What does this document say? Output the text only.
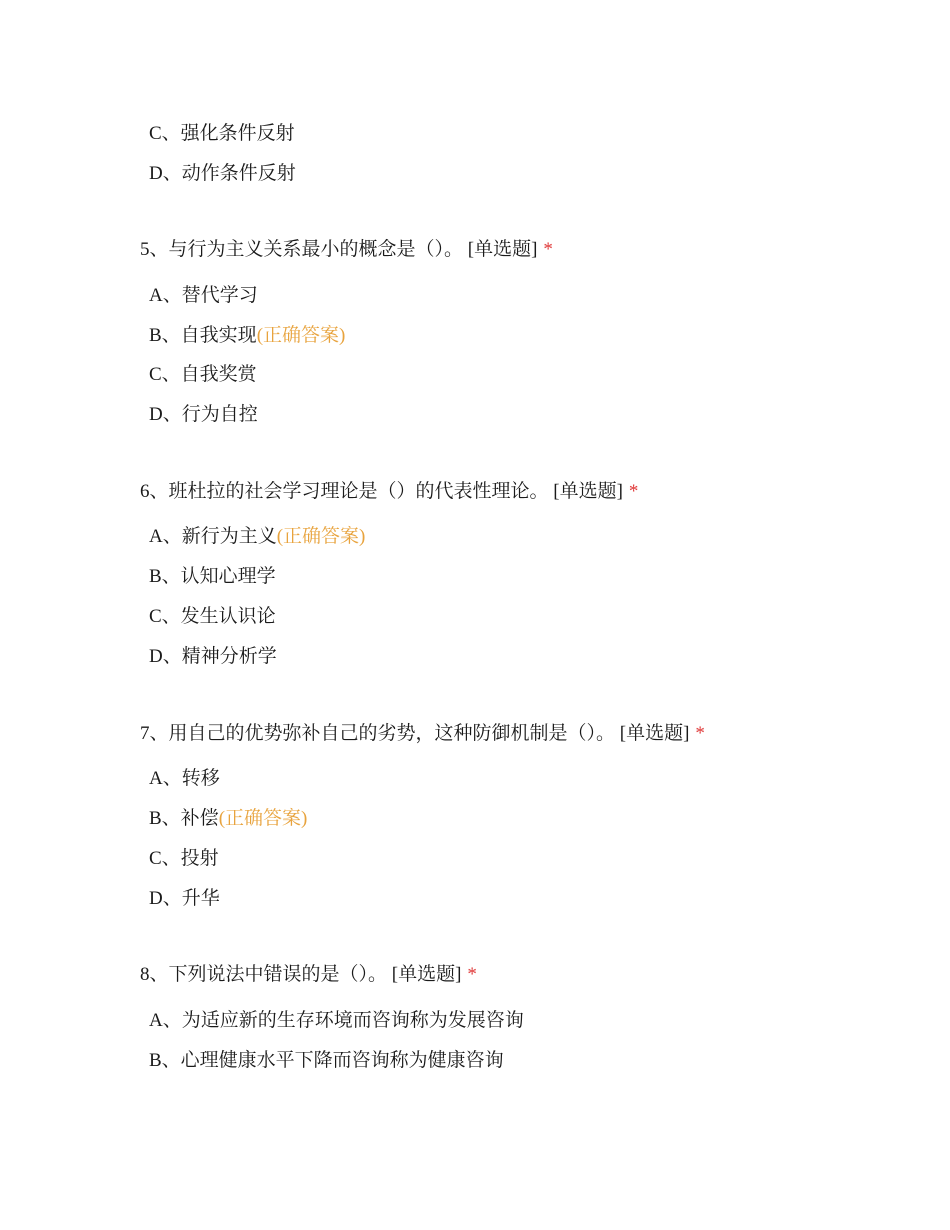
C、强化条件反射
D、动作条件反射
5、与行为主义关系最小的概念是（）。 [单选题] *
A、替代学习
B、自我实现(正确答案)
C、自我奖赏
D、行为自控
6、班杜拉的社会学习理论是（）的代表性理论。 [单选题] *
A、新行为主义(正确答案)
B、认知心理学
C、发生认识论
D、精神分析学
7、用自己的优势弥补自己的劣势，这种防御机制是（）。 [单选题] *
A、转移
B、补偿(正确答案)
C、投射
D、升华
8、下列说法中错误的是（）。 [单选题] *
A、为适应新的生存环境而咨询称为发展咨询
B、心理健康水平下降而咨询称为健康咨询
